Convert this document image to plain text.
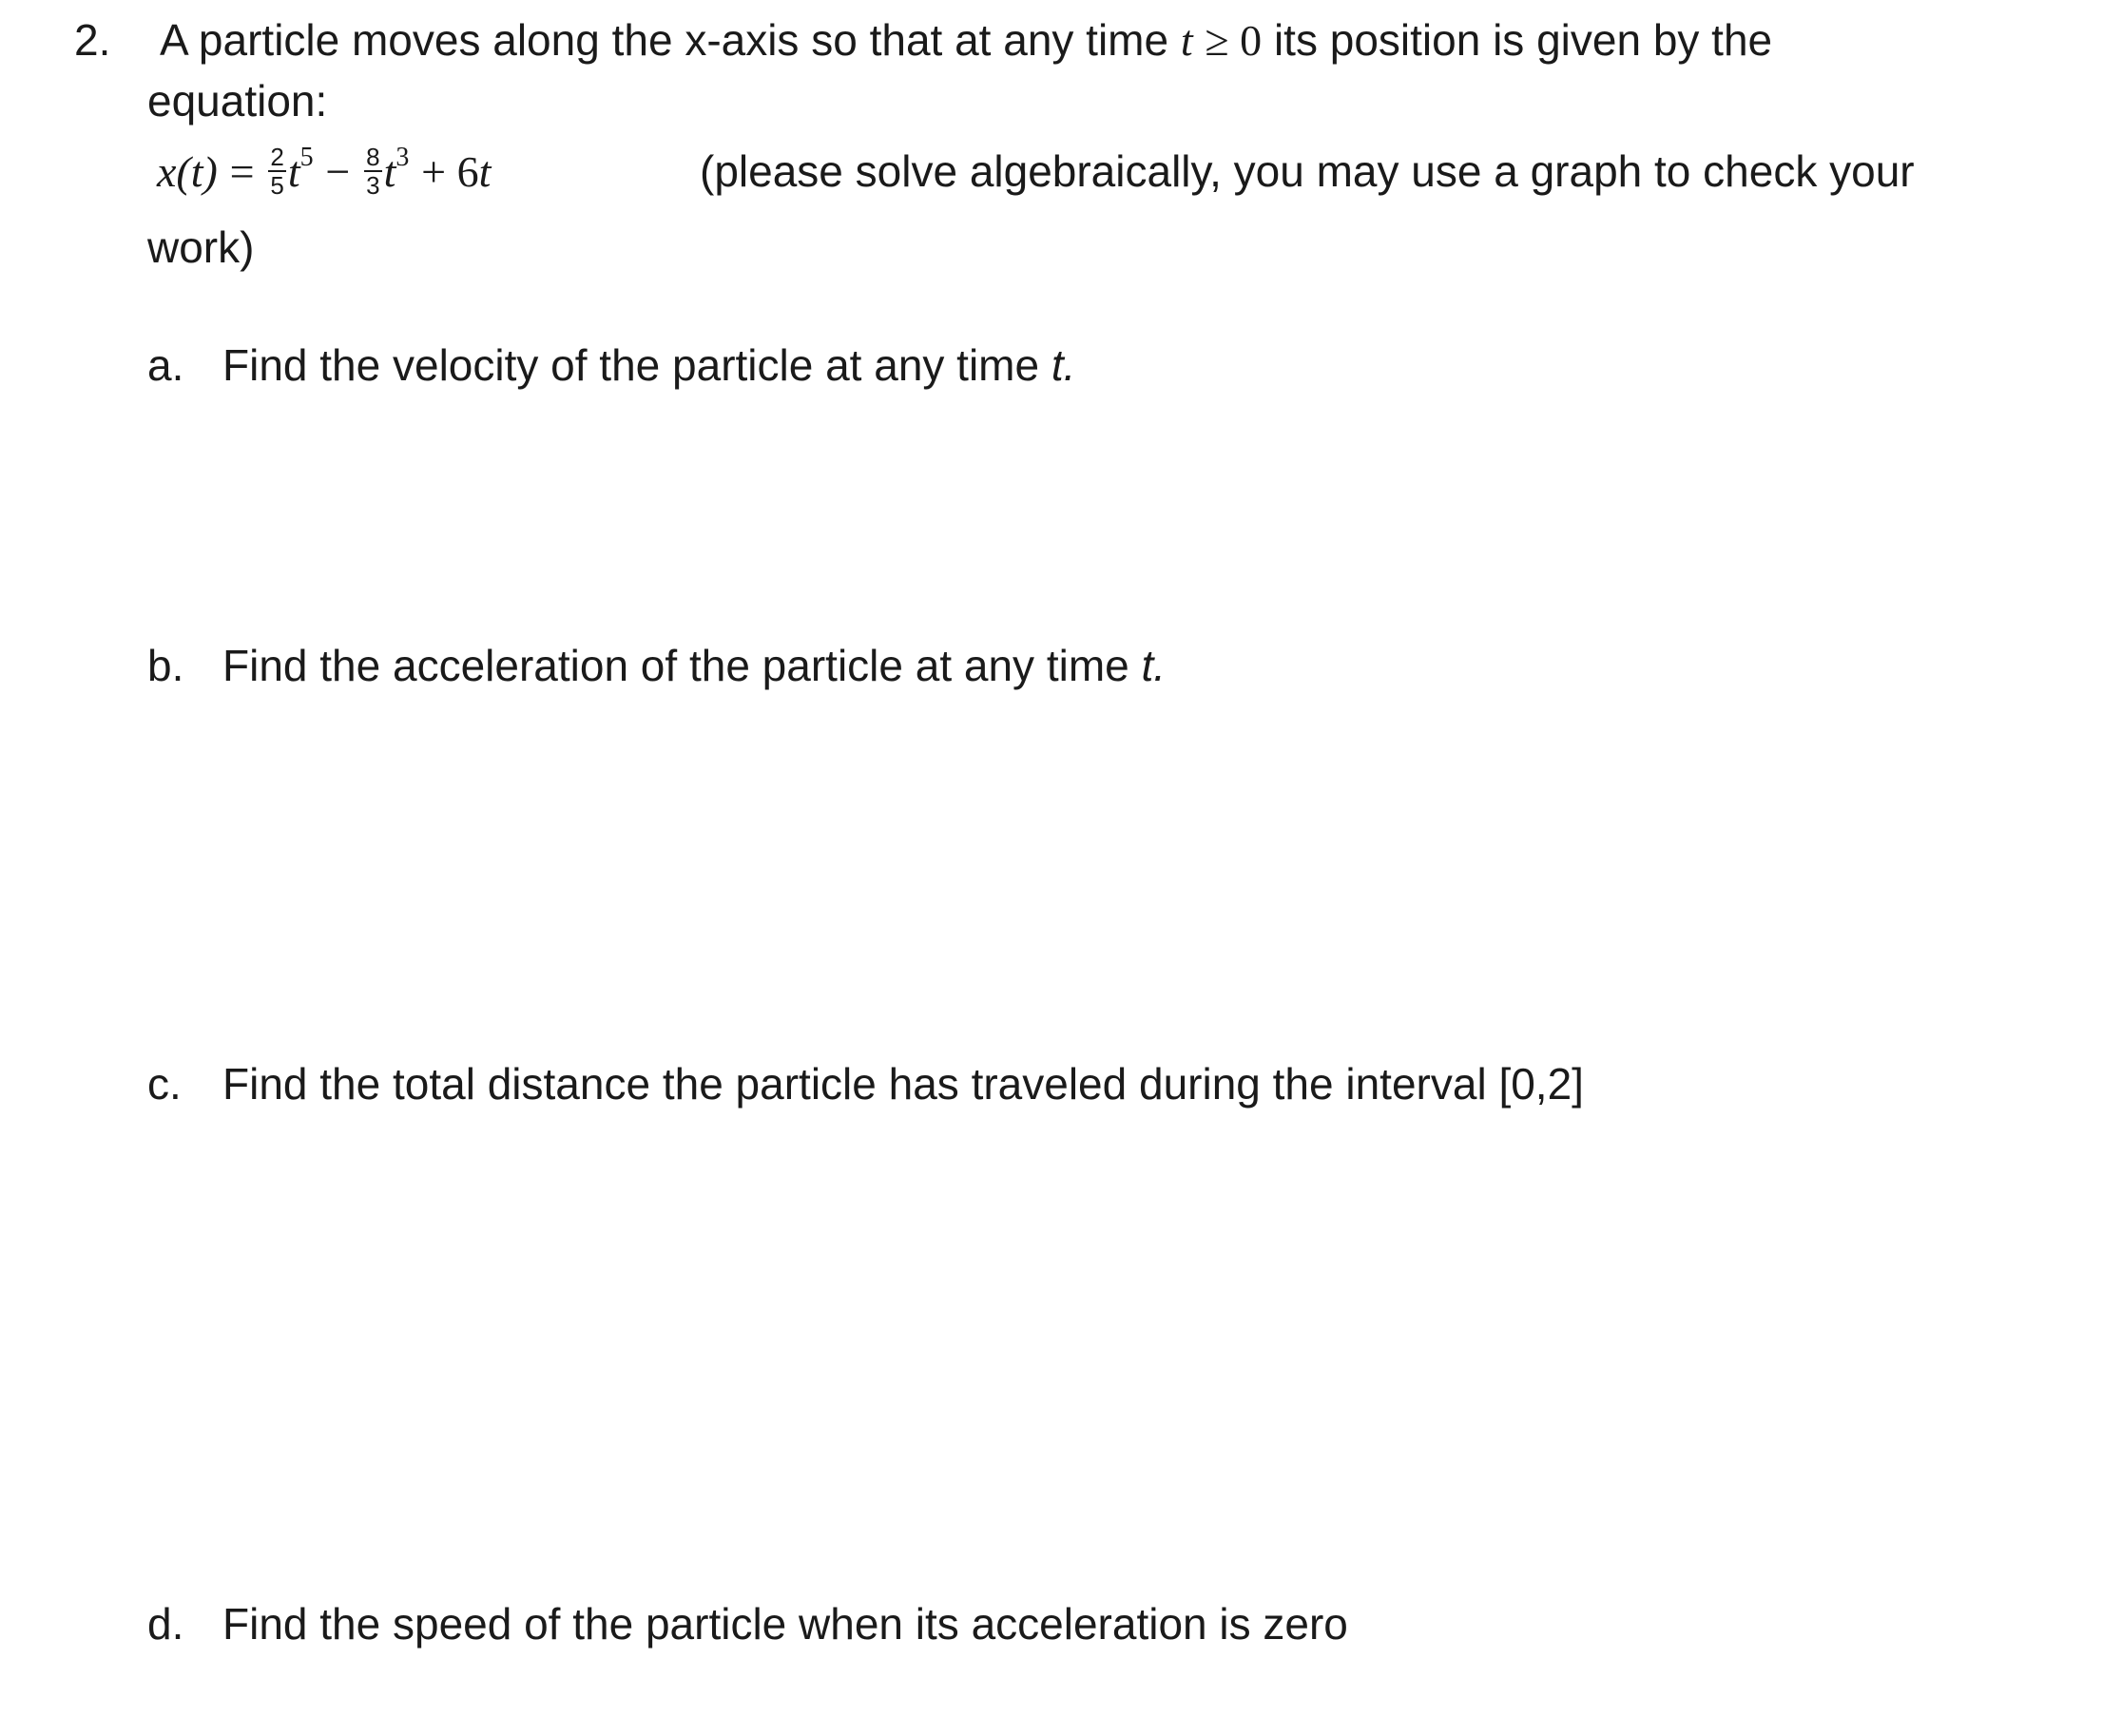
2. A particle moves along the x-axis so that at any time t ≥ 0 its position is given by the
equation:
$x(t) = \frac{2}{5} t^5 - \frac{8}{3} t^3 + 6t$	(please solve algebraically, you may use a graph to check your
work)
a. Find the velocity of the particle at any time t.
b. Find the acceleration of the particle at any time t.
c. Find the total distance the particle has traveled during the interval [0,2]
d. Find the speed of the particle when its acceleration is zero
